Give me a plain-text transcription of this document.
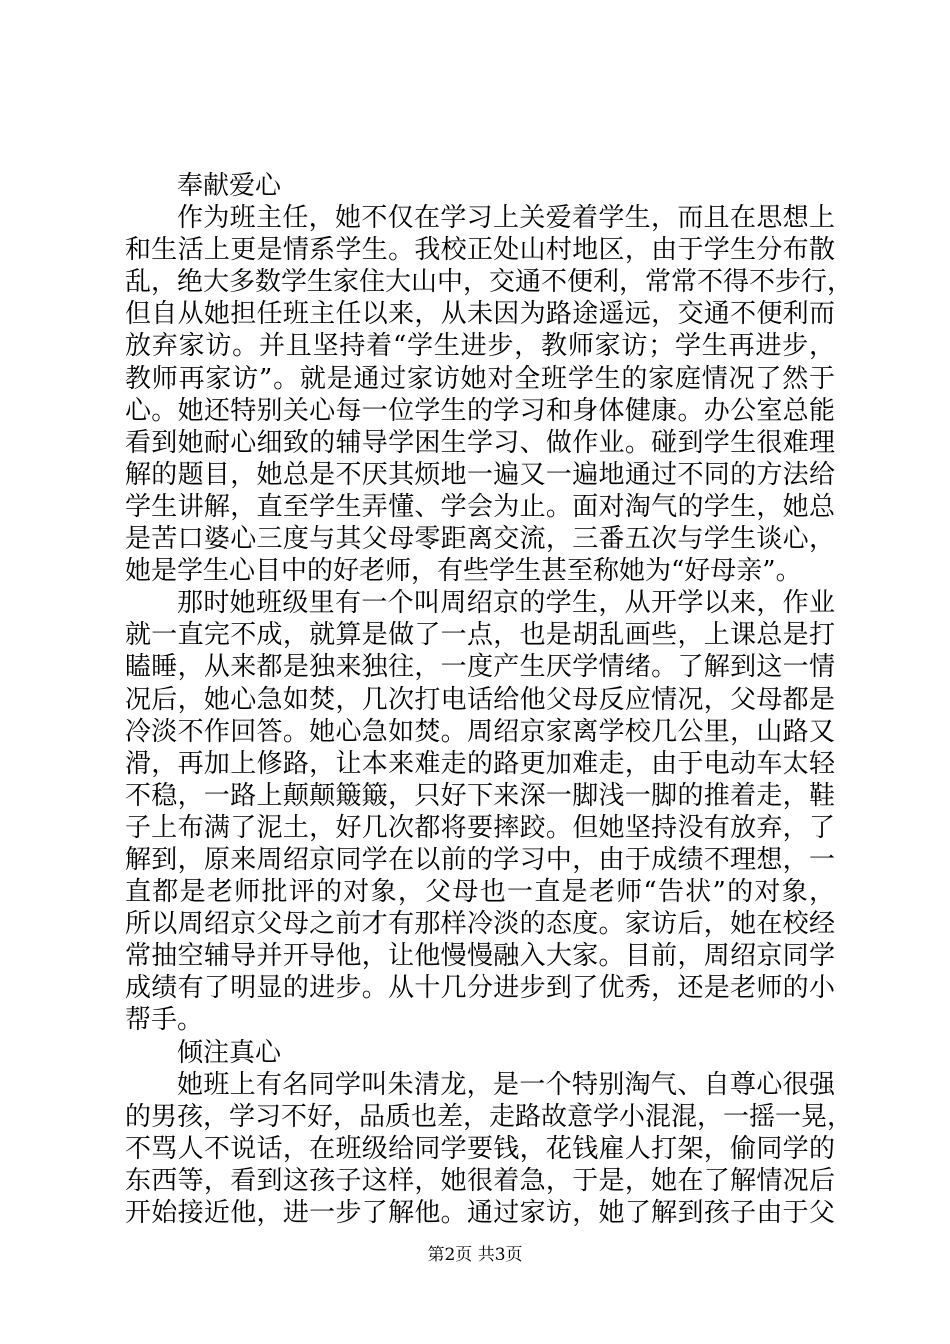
奉献爱心
作为班主任，她不仅在学习上关爱着学生，而且在思想上
和生活上更是情系学生。我校正处山村地区，由于学生分布散
乱，绝大多数学生家住大山中，交通不便利，常常不得不步行，
但自从她担任班主任以来，从未因为路途遥远，交通不便利而
放弃家访。并且坚持着“学生进步，教师家访；学生再进步，
教师再家访”。就是通过家访她对全班学生的家庭情况了然于
心。她还特别关心每一位学生的学习和身体健康。办公室总能
看到她耐心细致的辅导学困生学习、做作业。碰到学生很难理
解的题目，她总是不厌其烦地一遍又一遍地通过不同的方法给
学生讲解，直至学生弄懂、学会为止。面对淘气的学生，她总
是苦口婆心三度与其父母零距离交流，三番五次与学生谈心，
她是学生心目中的好老师，有些学生甚至称她为“好母亲”。
那时她班级里有一个叫周绍京的学生，从开学以来，作业
就一直完不成，就算是做了一点，也是胡乱画些，上课总是打
瞌睡，从来都是独来独往，一度产生厌学情绪。了解到这一情
况后，她心急如焚，几次打电话给他父母反应情况，父母都是
冷淡不作回答。她心急如焚。周绍京家离学校几公里，山路又
滑，再加上修路，让本来难走的路更加难走，由于电动车太轻
不稳，一路上颠颠簸簸，只好下来深一脚浅一脚的推着走，鞋
子上布满了泥土，好几次都将要摔跤。但她坚持没有放弃，了
解到，原来周绍京同学在以前的学习中，由于成绩不理想，一
直都是老师批评的对象，父母也一直是老师“告状”的对象，
所以周绍京父母之前才有那样冷淡的态度。家访后，她在校经
常抽空辅导并开导他，让他慢慢融入大家。目前，周绍京同学
成绩有了明显的进步。从十几分进步到了优秀，还是老师的小
帮手。
倾注真心
她班上有名同学叫朱清龙，是一个特别淘气、自尊心很强
的男孩，学习不好，品质也差，走路故意学小混混，一摇一晃，
不骂人不说话，在班级给同学要钱，花钱雇人打架，偷同学的
东西等，看到这孩子这样，她很着急，于是，她在了解情况后
开始接近他，进一步了解他。通过家访，她了解到孩子由于父
第2页 共3页
